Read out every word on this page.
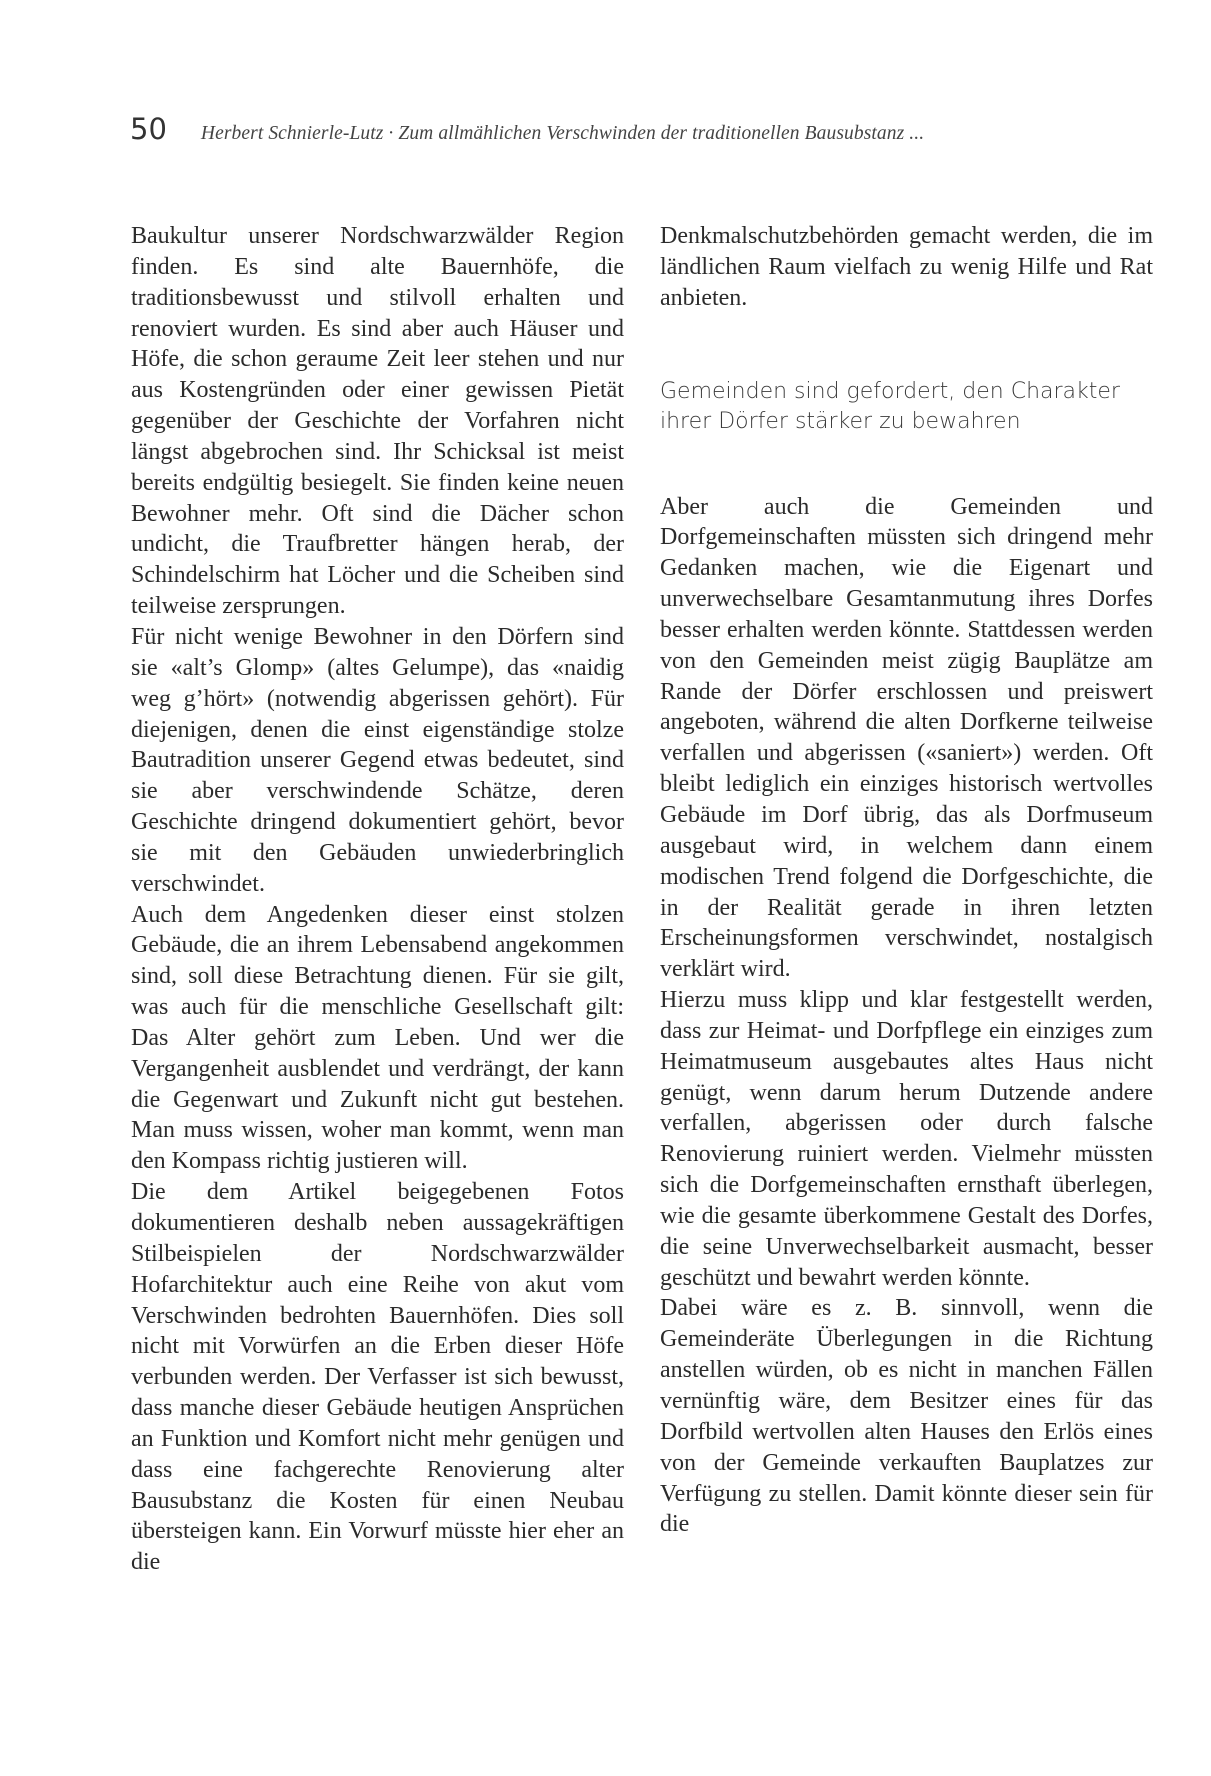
50 Herbert Schnierle-Lutz · Zum allmählichen Verschwinden der traditionellen Bausubstanz ...

Baukultur unserer Nordschwarzwälder Region finden. Es sind alte Bauernhöfe, die traditionsbewusst und stilvoll erhalten und renoviert wurden. Es sind aber auch Häuser und Höfe, die schon geraume Zeit leer stehen und nur aus Kostengründen oder einer gewissen Pietät gegenüber der Geschichte der Vorfahren nicht längst abgebrochen sind. Ihr Schicksal ist meist bereits endgültig besiegelt. Sie finden keine neuen Bewohner mehr. Oft sind die Dächer schon undicht, die Traufbretter hängen herab, der Schindelschirm hat Löcher und die Scheiben sind teilweise zersprungen.

Für nicht wenige Bewohner in den Dörfern sind sie «alt’s Glomp» (altes Gelumpe), das «naidig weg g’hört» (notwendig abgerissen gehört). Für diejenigen, denen die einst eigenständige stolze Bautradition unserer Gegend etwas bedeutet, sind sie aber verschwindende Schätze, deren Geschichte dringend dokumentiert gehört, bevor sie mit den Gebäuden unwiederbringlich verschwindet.

Auch dem Angedenken dieser einst stolzen Gebäude, die an ihrem Lebensabend angekommen sind, soll diese Betrachtung dienen. Für sie gilt, was auch für die menschliche Gesellschaft gilt: Das Alter gehört zum Leben. Und wer die Vergangenheit ausblendet und verdrängt, der kann die Gegenwart und Zukunft nicht gut bestehen. Man muss wissen, woher man kommt, wenn man den Kompass richtig justieren will.

Die dem Artikel beigegebenen Fotos dokumentieren deshalb neben aussagekräftigen Stilbeispielen der Nordschwarzwälder Hofarchitektur auch eine Reihe von akut vom Verschwinden bedrohten Bauernhöfen. Dies soll nicht mit Vorwürfen an die Erben dieser Höfe verbunden werden. Der Verfasser ist sich bewusst, dass manche dieser Gebäude heutigen Ansprüchen an Funktion und Komfort nicht mehr genügen und dass eine fachgerechte Renovierung alter Bausubstanz die Kosten für einen Neubau übersteigen kann. Ein Vorwurf müsste hier eher an die

Denkmalschutzbehörden gemacht werden, die im ländlichen Raum vielfach zu wenig Hilfe und Rat anbieten.

Gemeinden sind gefordert, den Charakter ihrer Dörfer stärker zu bewahren

Aber auch die Gemeinden und Dorfgemeinschaften müssten sich dringend mehr Gedanken machen, wie die Eigenart und unverwechselbare Gesamtanmutung ihres Dorfes besser erhalten werden könnte. Stattdessen werden von den Gemeinden meist zügig Bauplätze am Rande der Dörfer erschlossen und preiswert angeboten, während die alten Dorfkerne teilweise verfallen und abgerissen («saniert») werden. Oft bleibt lediglich ein einziges historisch wertvolles Gebäude im Dorf übrig, das als Dorfmuseum ausgebaut wird, in welchem dann einem modischen Trend folgend die Dorfgeschichte, die in der Realität gerade in ihren letzten Erscheinungsformen verschwindet, nostalgisch verklärt wird.

Hierzu muss klipp und klar festgestellt werden, dass zur Heimat- und Dorfpflege ein einziges zum Heimatmuseum ausgebautes altes Haus nicht genügt, wenn darum herum Dutzende andere verfallen, abgerissen oder durch falsche Renovierung ruiniert werden. Vielmehr müssten sich die Dorfgemeinschaften ernsthaft überlegen, wie die gesamte überkommene Gestalt des Dorfes, die seine Unverwechselbarkeit ausmacht, besser geschützt und bewahrt werden könnte.

Dabei wäre es z. B. sinnvoll, wenn die Gemeinderäte Überlegungen in die Richtung anstellen würden, ob es nicht in manchen Fällen vernünftig wäre, dem Besitzer eines für das Dorfbild wertvollen alten Hauses den Erlös eines von der Gemeinde verkauften Bauplatzes zur Verfügung zu stellen. Damit könnte dieser sein für die
